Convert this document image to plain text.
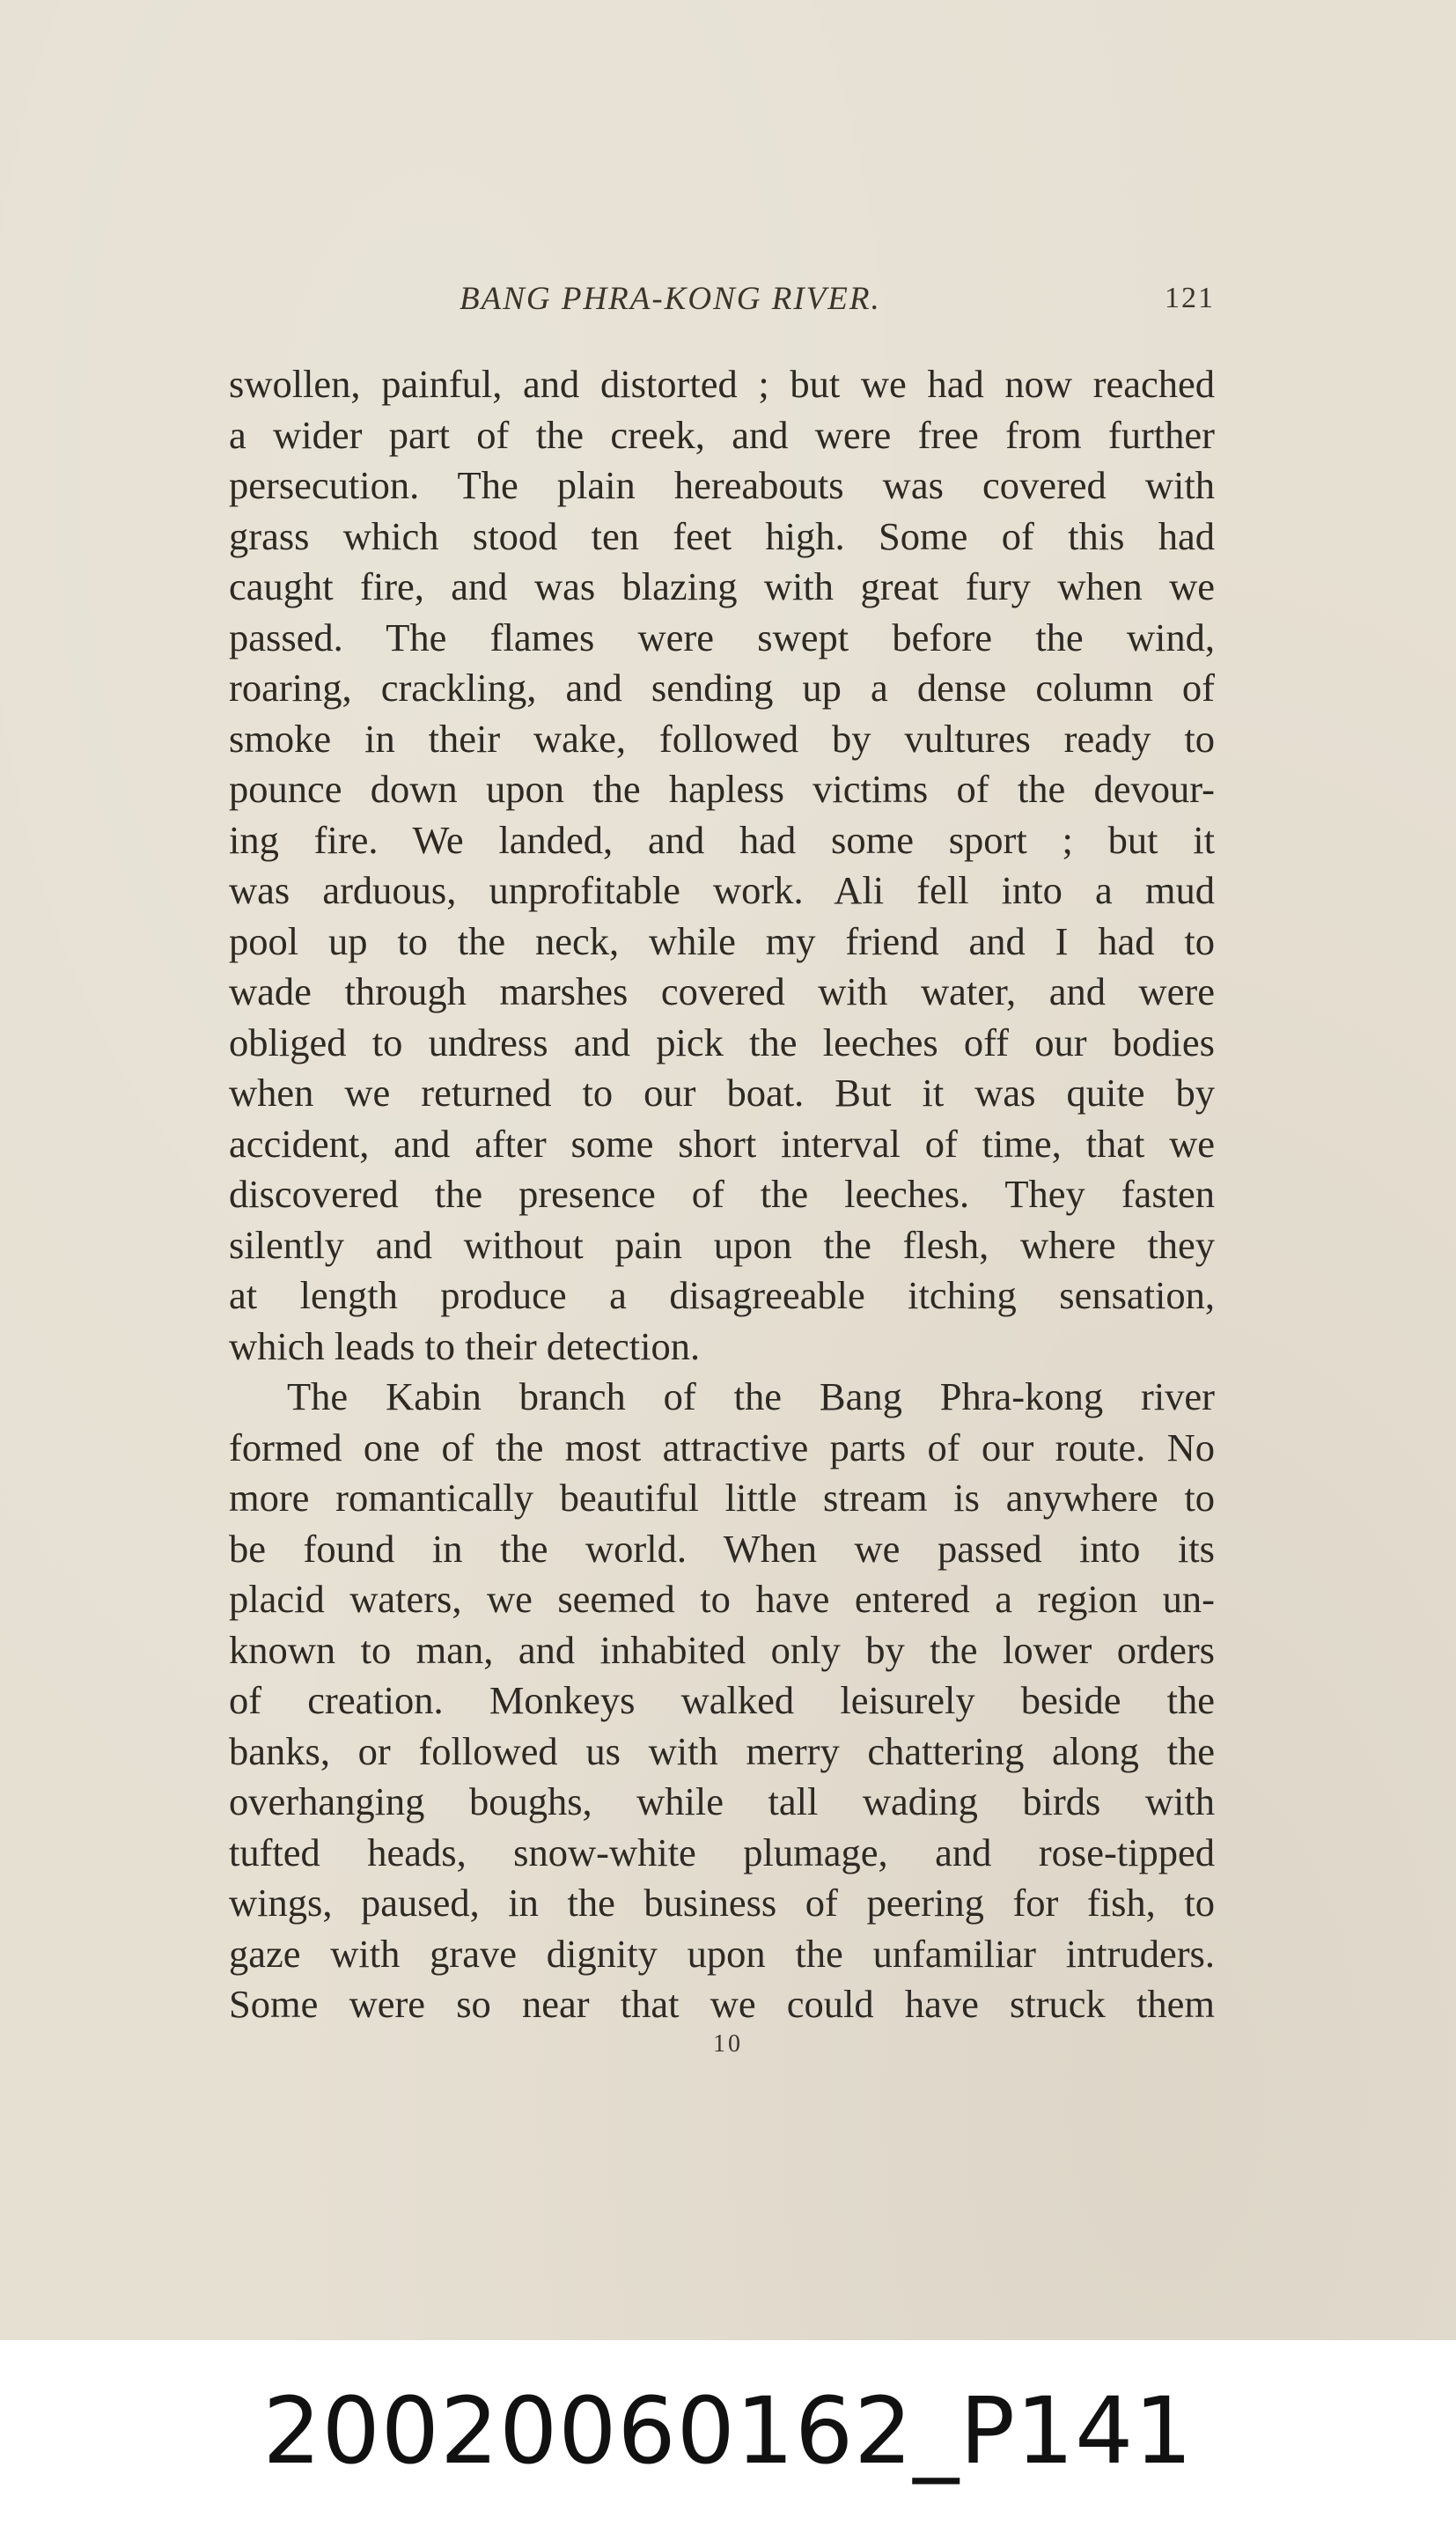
BANG PHRA-KONG RIVER.	121
swollen, painful, and distorted ; but we had now reached
a wider part of the creek, and were free from further
persecution. The plain hereabouts was covered with
grass which stood ten feet high. Some of this had
caught fire, and was blazing with great fury when we
passed. The flames were swept before the wind,
roaring, crackling, and sending up a dense column of
smoke in their wake, followed by vultures ready to
pounce down upon the hapless victims of the devour-
ing fire. We landed, and had some sport ; but it
was arduous, unprofitable work. Ali fell into a mud
pool up to the neck, while my friend and I had to
wade through marshes covered with water, and were
obliged to undress and pick the leeches off our bodies
when we returned to our boat. But it was quite by
accident, and after some short interval of time, that we
discovered the presence of the leeches. They fasten
silently and without pain upon the flesh, where they
at length produce a disagreeable itching sensation,
which leads to their detection.
The Kabin branch of the Bang Phra-kong river
formed one of the most attractive parts of our route. No
more romantically beautiful little stream is anywhere to
be found in the world. When we passed into its
placid waters, we seemed to have entered a region un-
known to man, and inhabited only by the lower orders
of creation. Monkeys walked leisurely beside the
banks, or followed us with merry chattering along the
overhanging boughs, while tall wading birds with
tufted heads, snow-white plumage, and rose-tipped
wings, paused, in the business of peering for fish, to
gaze with grave dignity upon the unfamiliar intruders.
Some were so near that we could have struck them
10
20020060162_P141
